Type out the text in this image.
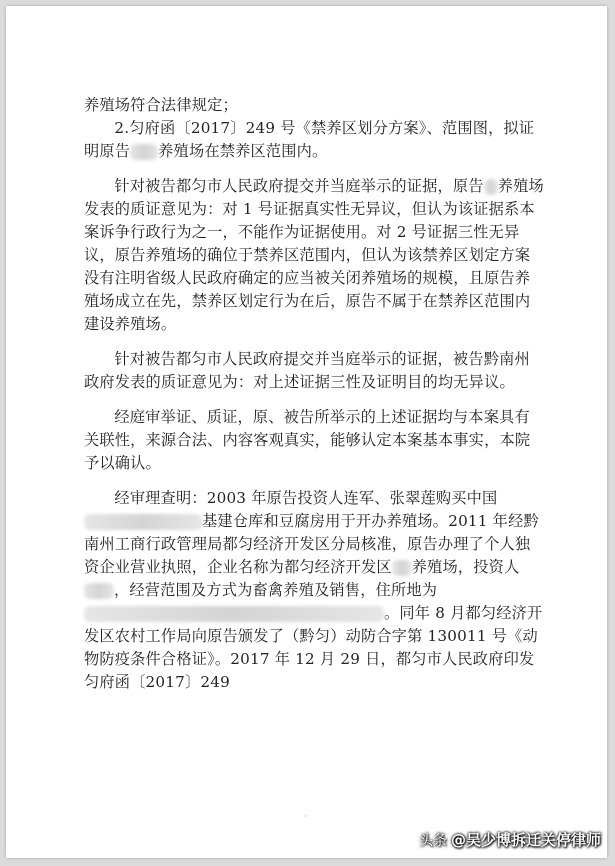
养殖场符合法律规定；

2.匀府函〔2017〕249 号《禁养区划分方案》、范围图，拟证明原告 养殖场在禁养区范围内。

针对被告都匀市人民政府提交并当庭举示的证据，原告 养殖场发表的质证意见为：对 1 号证据真实性无异议，但认为该证据系本案诉争行政行为之一，不能作为证据使用。对 2 号证据三性无异议，原告养殖场的确位于禁养区范围内，但认为该禁养区划定方案没有注明省级人民政府确定的应当被关闭养殖场的规模，且原告养殖场成立在先，禁养区划定行为在后，原告不属于在禁养区范围内建设养殖场。

针对被告都匀市人民政府提交并当庭举示的证据，被告黔南州政府发表的质证意见为：对上述证据三性及证明目的均无异议。

经庭审举证、质证，原、被告所举示的上述证据均与本案具有关联性，来源合法、内容客观真实，能够认定本案基本事实，本院予以确认。

经审理查明：2003 年原告投资人连军、张翠莲购买中国基建仓库和豆腐房用于开办养殖场。2011 年经黔南州工商行政管理局都匀经济开发区分局核准，原告办理了个人独资企业营业执照，企业名称为都匀经济开发区 养殖场，投资人，经营范围及方式为畜禽养殖及销售，住所地为。同年 8 月都匀经济开发区农村工作局向原告颁发了（黔匀）动防合字第 130011 号《动物防疫条件合格证》。2017 年 12 月 29 日，都匀市人民政府印发匀府函〔2017〕249

·
头条 @吴少博拆迁关停律师
